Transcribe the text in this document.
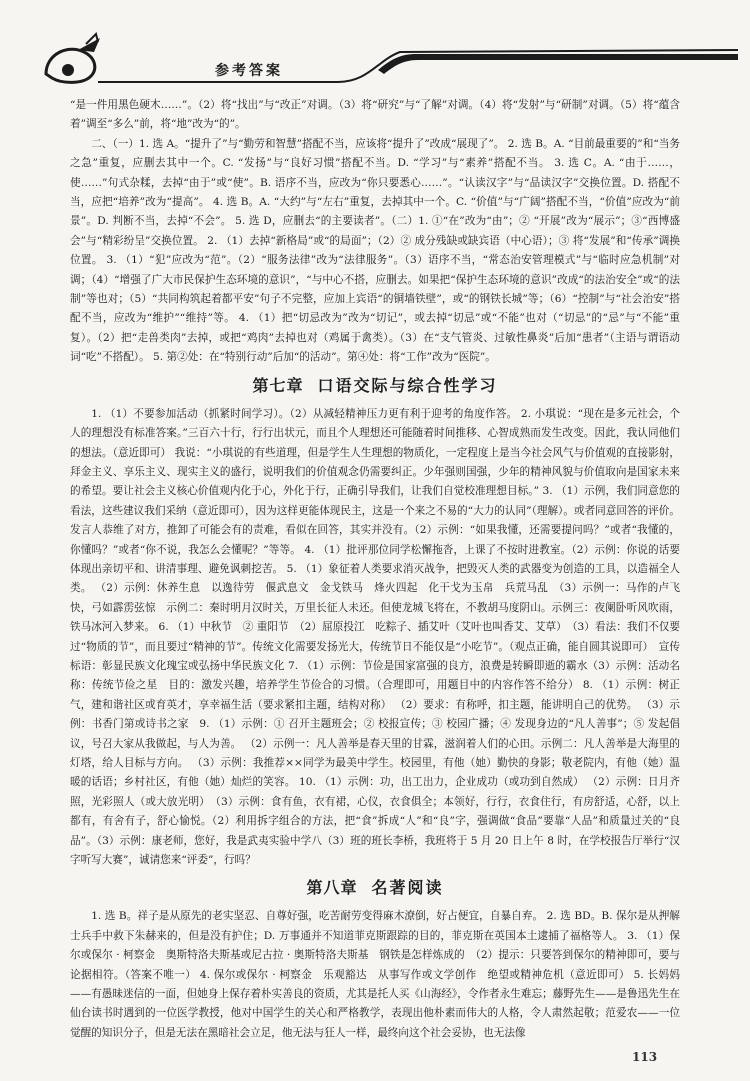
参考答案

“是一件用黑色硬木……”。（2）将“找出”与“改正”对调。（3）将“研究”与“了解”对调。（4）将“发射”与“研制”对调。（5）将“蕴含着”调至“多么”前，将“地”改为“的”。

二、（一）1. 选 A。“提升了”与“勤劳和智慧”搭配不当，应该将“提升了”改成“展现了”。 2. 选 B。A. “目前最重要的”和“当务之急”重复，应删去其中一个。C. “发扬”与“良好习惯”搭配不当。D. “学习”与“素养”搭配不当。 3. 选 C。A. “由于……，使……”句式杂糅，去掉“由于”或“使”。B. 语序不当，应改为“你只要悉心……”。“认读汉字”与“品读汉字”交换位置。D. 搭配不当，应把“培养”改为“提高”。 4. 选 B。A. “大约”与“左右”重复，去掉其中一个。C. “价值”与“广阔”搭配不当，“价值”应改为“前景”。D. 判断不当，去掉“不会”。 5. 选 D，应删去“的主要读者”。（二）1. ①“在”改为“由”；② “开展”改为“展示”；③“西博盛会”与“精彩纷呈”交换位置。 2. （1）去掉“新格局”或“的局面”；（2）② 成分残缺或缺宾语（中心语）；③ 将“发展”和“传承”调换位置。 3. （1）“犯”应改为“范”。（2）“服务法律”改为“法律服务”。（3）语序不当，“常态治安管理模式”与“临时应急机制”对调；（4）“增强了广大市民保护生态环境的意识”，“与中心不搭，应删去。如果把“保护生态环境的意识”改成“的法治安全”或“的法制”等也对；（5）“共同构筑起着都平安”句子不完整，应加上宾语“的铜墙铁壁”，或“的钢铁长城”等；（6）“控制”与“社会治安”搭配不当，应改为“维护”“维持”等。 4. （1）把“切忌改为”改为“切记”，或去掉“切忌”或“不能”也对（“切忌”的“忌”与“不能”重复）。（2）把“走兽类肉”去掉，或把“鸡肉”去掉也对（鸡属于禽类）。（3）在“支气管炎、过敏性鼻炎”后加“患者”（主语与谓语动词“吃”不搭配）。 5. 第②处：在“特别行动”后加“的活动”。第④处：将“工作”改为“医院”。

第七章 口语交际与综合性学习

1. （1）不要参加活动（抓紧时间学习）。（2）从减轻精神压力更有利于迎考的角度作答。 2. 小琪说：“现在是多元社会，个人的理想没有标准答案。”三百六十行，行行出状元，而且个人理想还可能随着时间推移、心智成熟而发生改变。因此，我认同他们的想法。（意近即可） 我说：“小琪说的有些道理，但是学生人生理想的物质化，一定程度上是当今社会风气与价值观的直接影射，拜金主义、享乐主义、现实主义的盛行，说明我们的价值观念仍需要纠正。少年强则国强，少年的精神风貌与价值取向是国家未来的希望。要让社会主义核心价值观内化于心，外化于行，正确引导我们，让我们自觉校准理想目标。” 3. （1）示例，我们同意您的看法，这些建议我们采纳（意近即可），因为这样更能体现民主，这是一个来之不易的“大力的认同”（理解）。或者同意回答的评价。发言人恭维了对方，推卸了可能会有的责难，看似在回答，其实并没有。（2）示例：“如果我懂，还需要提问吗？”或者“我懂的，你懂吗？”或者“你不说，我怎么会懂呢？”等等。 4. （1）批评那位同学松懈拖沓，上课了不按时进教室。（2）示例：你说的话要体现出亲切平和、讲清事理、避免讽刺挖苦。 5. （1）象征着人类要求消灭战争，把毁灭人类的武器变为创造的工具，以造福全人类。 （2）示例：休养生息　以逸待劳　偃武息文　金戈铁马　烽火四起　化干戈为玉帛　兵荒马乱　（3）示例一：马作的卢飞快，弓如霹雳弦惊　示例二：秦时明月汉时关，万里长征人未还。但使龙城飞将在，不教胡马度阴山。示例三：夜阑卧听风吹雨，铁马冰河入梦来。 6. （1）中秋节　② 重阳节　（2）屈原投江　吃粽子、插艾叶（艾叶也叫香艾、艾草）　（3）看法：我们不仅要过“物质的节”，而且要过“精神的节”。传统文化需要发扬光大，传统节日不能仅是“小吃节”。（观点正确，能自圆其说即可）　宣传标语：彰显民族文化瑰宝或弘扬中华民族文化 7. （1）示例：节俭是国家富强的良方，浪费是转瞬即逝的霸水（3）示例：活动名称：传统节俭之星　目的：激发兴趣，培养学生节俭合的习惯。（合理即可，用题目中的内容作答不给分） 8. （1）示例：树正气，建和谐社区或育英才，享幸福生活（要求紧扣主题，结构对称） （2）要求：有称呼，扣主题，能讲明自己的优势。 （3）示例：书香门第或诗书之家　9. （1）示例：① 召开主题班会；② 校报宣传；③ 校园广播；④ 发现身边的“凡人善事”；⑤ 发起倡议，号召大家从我做起，与人为善。 （2）示例一：凡人善举是春天里的甘霖，滋润着人们的心田。示例二：凡人善举是大海里的灯塔，给人目标与方向。 （3）示例：我推荐××同学为最美中学生。校园里，有他（她）勤快的身影；敬老院内，有他（她）温暖的话语；乡村社区，有他（她）灿烂的笑容。 10. （1）示例：功，出工出力，企业成功（或功到自然成） （2）示例：日月齐照，光彩照人（或大放光明）　（3）示例：食有鱼，衣有裙，心仪，衣食俱全；本领好，行行，衣食住行，有房舒适，心舒，以上都有，有舍有子，舒心愉悦。（2）利用拆字组合的方法，把“食”拆成“人”和“良”字，强调做“食品”要靠“人品”和质量过关的“良品”。（3）示例：康老师，您好，我是武夷实验中学八（3）班的班长李桥，我班将于 5 月 20 日上午 8 时，在学校报告厅举行“汉字听写大赛”，诚请您来“评委”，行吗？

第八章 名著阅读

1. 选 B。祥子是从原先的老实坚忍、自尊好强，吃苦耐劳变得麻木潦倒，好占便宜，自暴自弃。 2. 选 BD。B. 保尔是从押解士兵手中救下朱赫来的，但是没有护住；D. 万事通并不知道菲克斯跟踪的目的，菲克斯在英国本土逮捕了福格等人。 3. （1）保尔或保尔 · 柯察金　奥斯特洛夫斯基或尼古拉 · 奥斯特洛夫斯基　钢铁是怎样炼成的　（2）提示：只要答到保尔的精神即可，要与论据相符。（答案不唯一） 4. 保尔或保尔 · 柯察金　乐观豁达　从事写作或文学创作　绝望或精神危机（意近即可） 5. 长妈妈——有愚昧迷信的一面，但她身上保存着朴实善良的资质，尤其是托人买《山海经》，令作者永生难忘；藤野先生——是鲁迅先生在仙台读书时遇到的一位医学教授，他对中国学生的关心和严格教学，表现出他朴素而伟大的人格，令人肃然起敬；范爱农——一位觉醒的知识分子，但是无法在黑暗社会立足，他无法与狂人一样，最终向这个社会妥协，也无法像

113
